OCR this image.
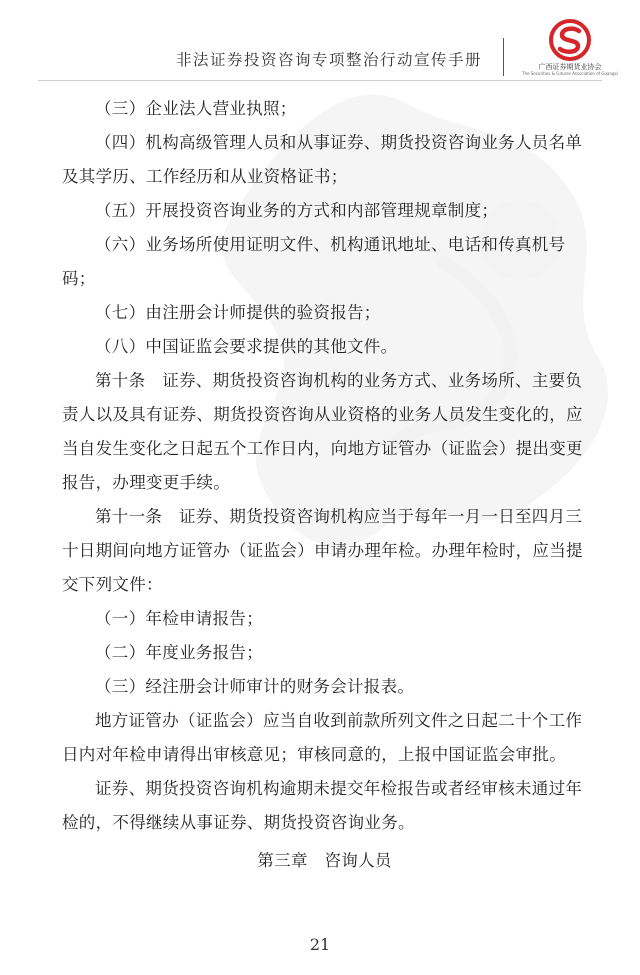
非法证券投资咨询专项整治行动宣传手册	广西证券期货业协会
The Securities & Futures Association of Guangxi

（三）企业法人营业执照；

（四）机构高级管理人员和从事证券、期货投资咨询业务人员名单及其学历、工作经历和从业资格证书；

（五）开展投资咨询业务的方式和内部管理规章制度；

（六）业务场所使用证明文件、机构通讯地址、电话和传真机号码；

（七）由注册会计师提供的验资报告；

（八）中国证监会要求提供的其他文件。

第十条　证券、期货投资咨询机构的业务方式、业务场所、主要负责人以及具有证券、期货投资咨询从业资格的业务人员发生变化的，应当自发生变化之日起五个工作日内，向地方证管办（证监会）提出变更报告，办理变更手续。

第十一条　证券、期货投资咨询机构应当于每年一月一日至四月三十日期间向地方证管办（证监会）申请办理年检。办理年检时，应当提交下列文件：

（一）年检申请报告；

（二）年度业务报告；

（三）经注册会计师审计的财务会计报表。

地方证管办（证监会）应当自收到前款所列文件之日起二十个工作日内对年检申请得出审核意见；审核同意的，上报中国证监会审批。

证券、期货投资咨询机构逾期未提交年检报告或者经审核未通过年检的，不得继续从事证券、期货投资咨询业务。

第三章　咨询人员

21
